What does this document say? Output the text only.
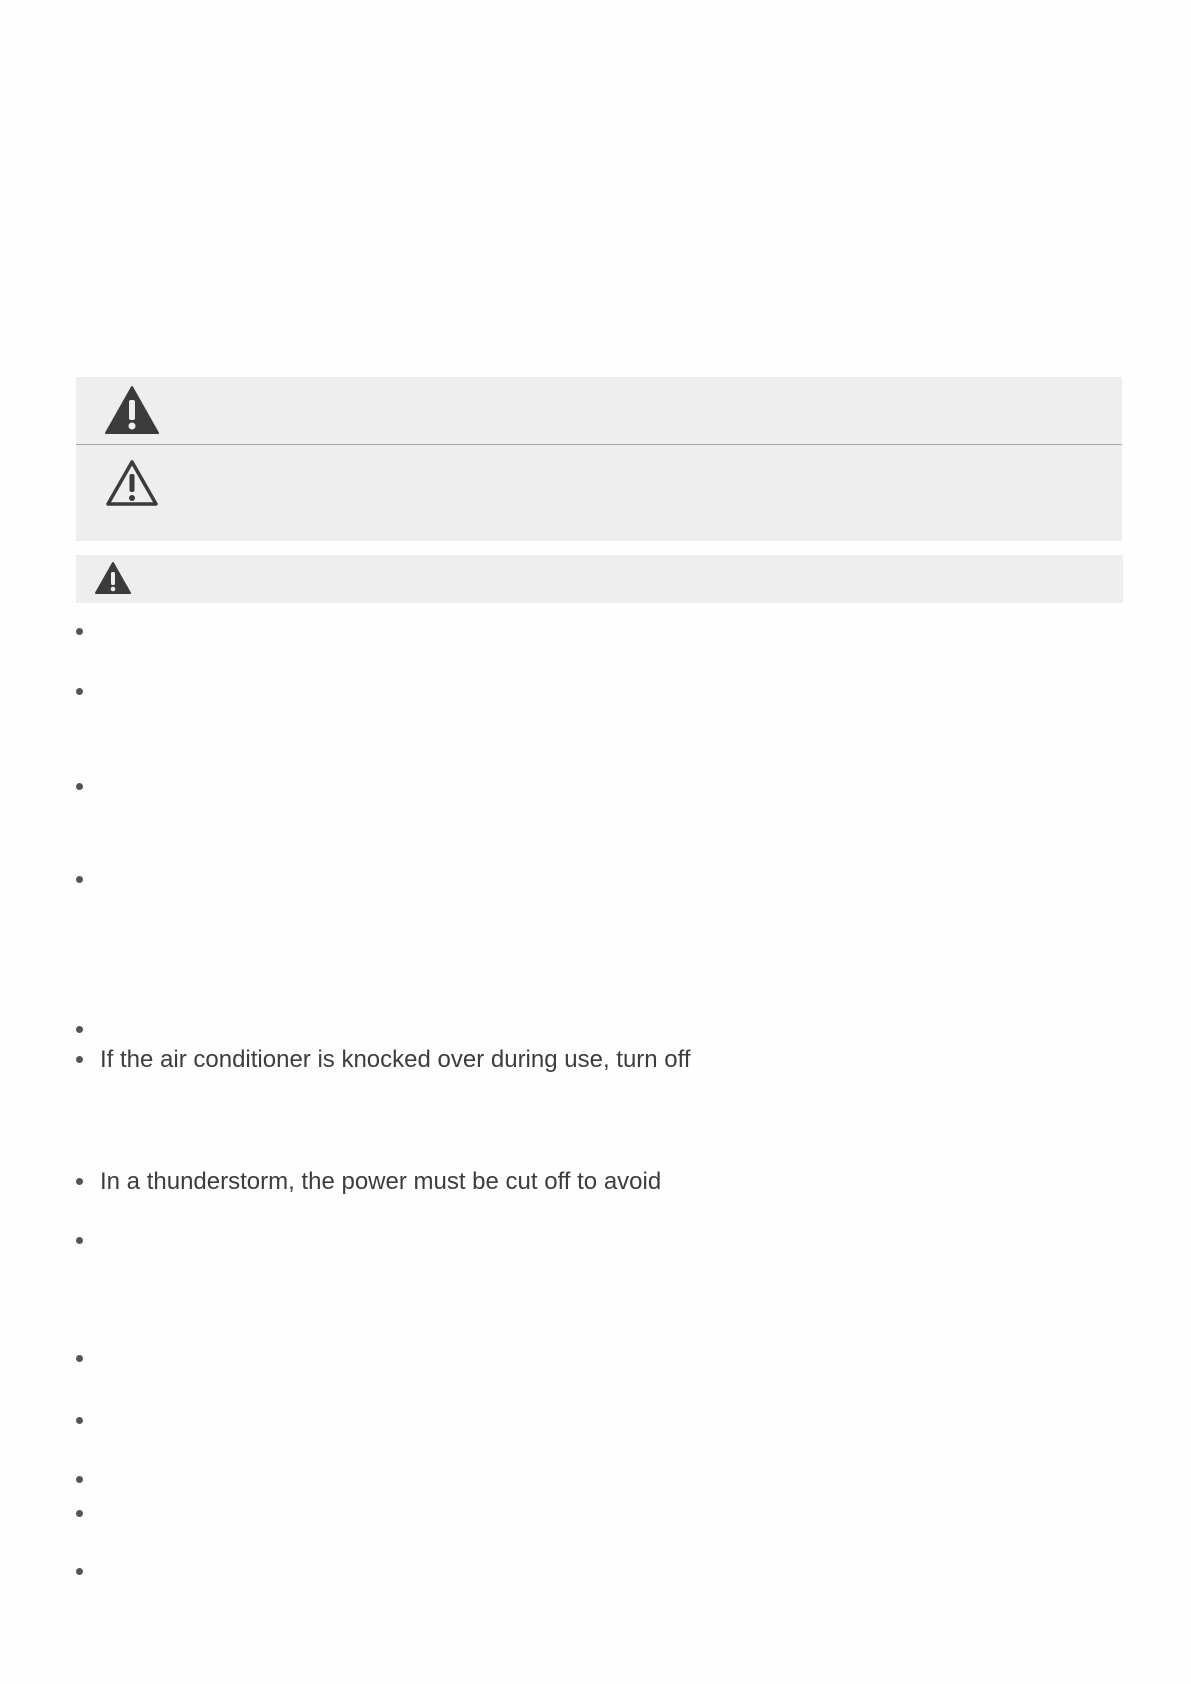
If the air conditioner is knocked over during use, turn off
In a thunderstorm, the power must be cut off to avoid
